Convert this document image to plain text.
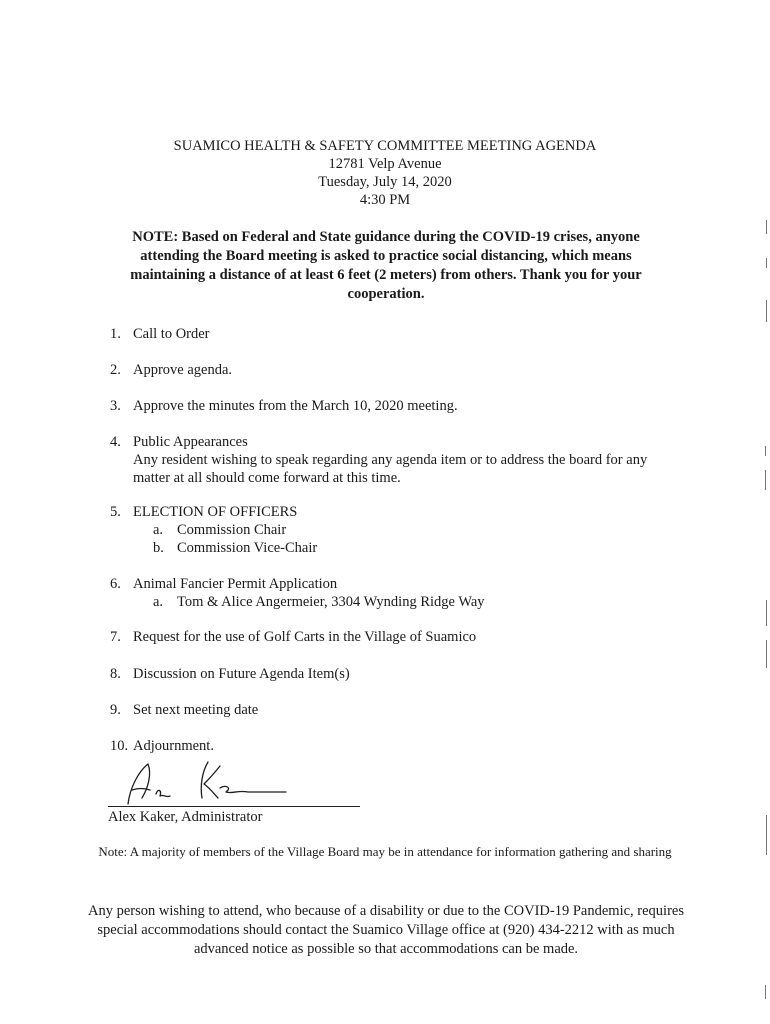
SUAMICO HEALTH & SAFETY COMMITTEE MEETING AGENDA
12781 Velp Avenue
Tuesday, July 14, 2020
4:30 PM
NOTE: Based on Federal and State guidance during the COVID-19 crises, anyone attending the Board meeting is asked to practice social distancing, which means maintaining a distance of at least 6 feet (2 meters) from others. Thank you for your cooperation.
1. Call to Order
2. Approve agenda.
3. Approve the minutes from the March 10, 2020 meeting.
4. Public Appearances
Any resident wishing to speak regarding any agenda item or to address the board for any matter at all should come forward at this time.
5. ELECTION OF OFFICERS
a. Commission Chair
b. Commission Vice-Chair
6. Animal Fancier Permit Application
a. Tom & Alice Angermeier, 3304 Wynding Ridge Way
7. Request for the use of Golf Carts in the Village of Suamico
8. Discussion on Future Agenda Item(s)
9. Set next meeting date
10. Adjournment.
Alex Kaker, Administrator
Note: A majority of members of the Village Board may be in attendance for information gathering and sharing
Any person wishing to attend, who because of a disability or due to the COVID-19 Pandemic, requires special accommodations should contact the Suamico Village office at (920) 434-2212 with as much advanced notice as possible so that accommodations can be made.
